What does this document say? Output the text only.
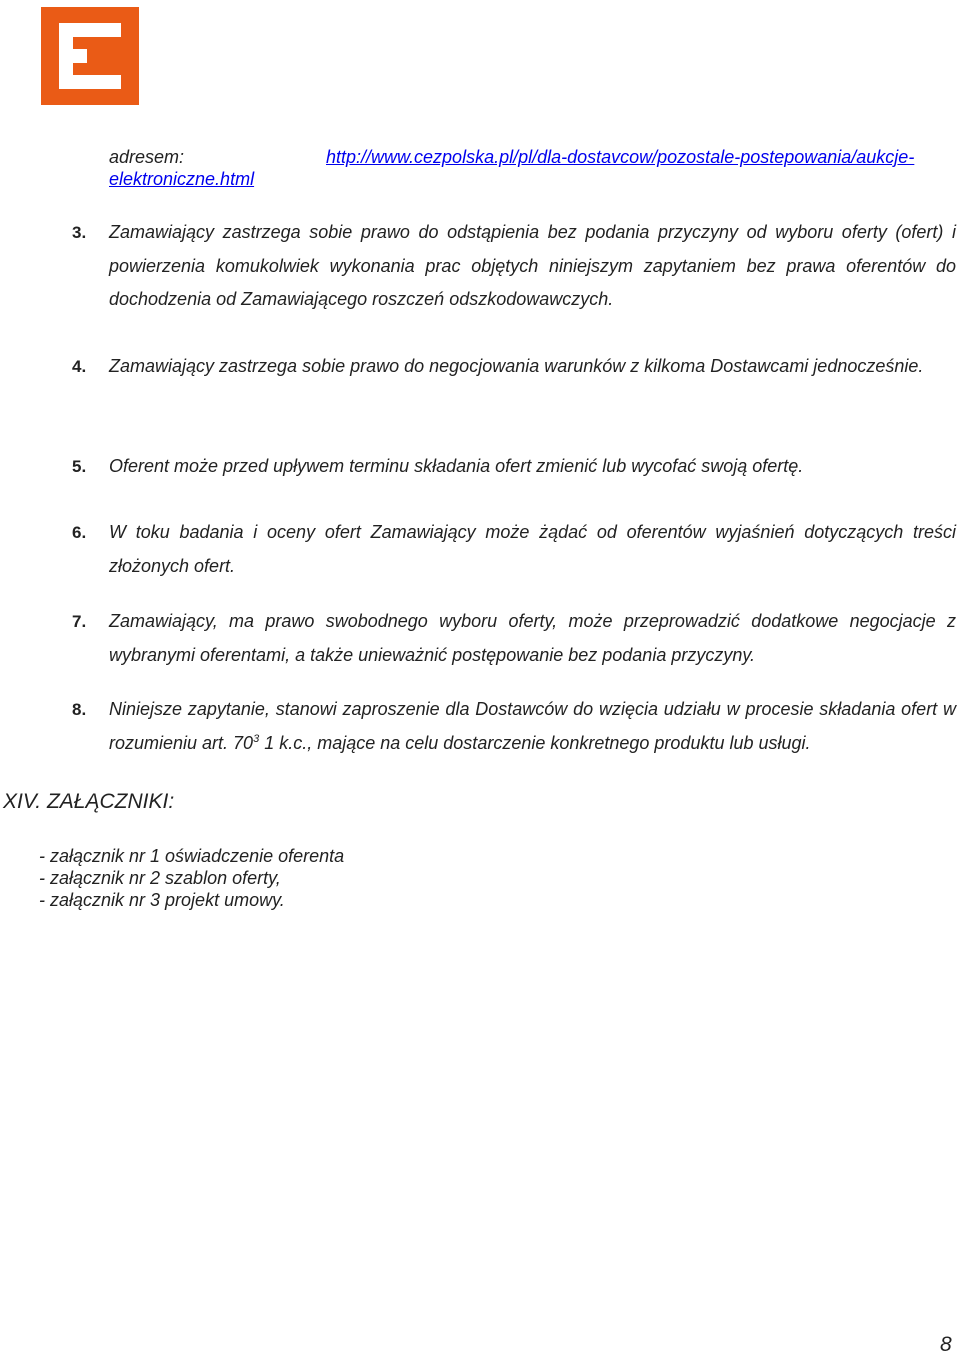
adresem:	http://www.cezpolska.pl/pl/dla-dostavcow/pozostale-postepowania/aukcje-
elektroniczne.html
3. Zamawiający zastrzega sobie prawo do odstąpienia bez podania przyczyny od wyboru oferty (ofert) i powierzenia komukolwiek wykonania prac objętych niniejszym zapytaniem bez prawa oferentów do dochodzenia od Zamawiającego roszczeń odszkodowawczych.
4. Zamawiający zastrzega sobie prawo do negocjowania warunków z kilkoma Dostawcami jednocześnie.
5. Oferent może przed upływem terminu składania ofert zmienić lub wycofać swoją ofertę.
6. W toku badania i oceny ofert Zamawiający może żądać od oferentów wyjaśnień dotyczących treści złożonych ofert.
7. Zamawiający, ma prawo swobodnego wyboru oferty, może przeprowadzić dodatkowe negocjacje z wybranymi oferentami, a także unieważnić postępowanie bez podania przyczyny.
8. Niniejsze zapytanie, stanowi zaproszenie dla Dostawców do wzięcia udziału w procesie składania ofert w rozumieniu art. $70^3$ 1 k.c., mające na celu dostarczenie konkretnego produktu lub usługi.
XIV. ZAŁĄCZNIKI:
- załącznik nr 1 oświadczenie oferenta
- załącznik nr 2 szablon oferty,
- załącznik nr 3 projekt umowy.
8
